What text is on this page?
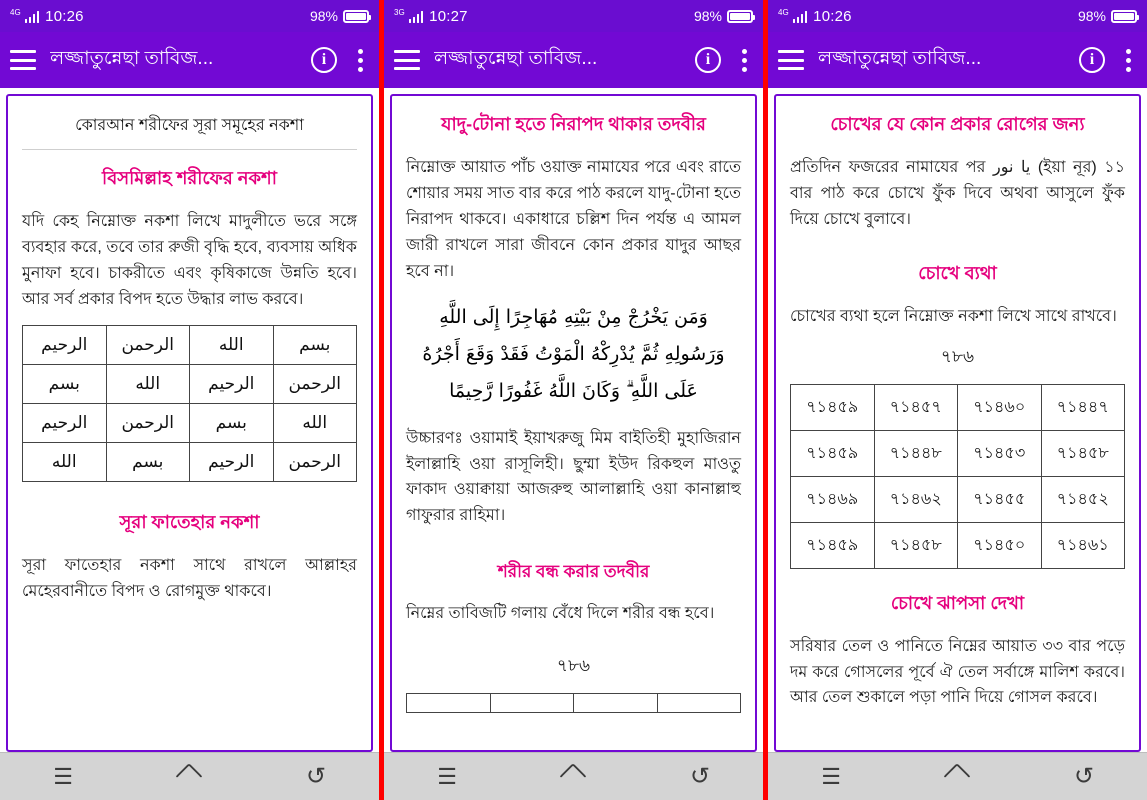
4G 10:26	98%
লজ্জাতুন্নেছা তাবিজ...	i
কোরআন শরীফের সূরা সমূহের নকশা
বিসমিল্লাহ শরীফের নকশা

যদি কেহ নিম্নোক্ত নকশা লিখে মাদুলীতে ভরে সঙ্গে ব্যবহার করে, তবে তার রুজী বৃদ্ধি হবে, ব্যবসায় অধিক মুনাফা হবে। চাকরীতে এবং কৃষিকাজে উন্নতি হবে। আর সর্ব প্রকার বিপদ হতে উদ্ধার লাভ করবে।

الرحيم	الرحمن	الله	بسم
بسم	الله	الرحيم	الرحمن
الرحيم	الرحمن	بسم	الله
الله	بسم	الرحيم	الرحمن
সূরা ফাতেহার নকশা

সূরা ফাতেহার নকশা সাথে রাখলে আল্লাহর মেহেরবানীতে বিপদ ও রোগমুক্ত থাকবে।

☰	↻
3G 10:27	98%
লজ্জাতুন্নেছা তাবিজ...	i
যাদু-টোনা হতে নিরাপদ থাকার তদবীর

নিম্নোক্ত আয়াত পাঁচ ওয়াক্ত নামাযের পরে এবং রাতে শোয়ার সময় সাত বার করে পাঠ করলে যাদু-টোনা হতে নিরাপদ থাকবে। একাধারে চল্লিশ দিন পর্যন্ত এ আমল জারী রাখলে সারা জীবনে কোন প্রকার যাদুর আছর হবে না।

وَمَن يَخْرُجْ مِنْ بَيْتِهِ مُهَاجِرًا إِلَى اللَّهِ وَرَسُولِهِ ثُمَّ يُدْرِكْهُ الْمَوْتُ فَقَدْ وَقَعَ أَجْرُهُ عَلَى اللَّهِ ۗ وَكَانَ اللَّهُ غَفُورًا رَّحِيمًا

উচ্চারণঃ ওয়ামাই ইয়াখরুজু মিম বাইতিহী মুহাজিরান ইলাল্লাহি ওয়া রাসূলিহী। ছুম্মা ইউদ রিকহুল মাওতু ফাকাদ ওয়াক্বায়া আজরুহু আলাল্লাহি ওয়া কানাল্লাহু গাফুরার রাহিমা।

শরীর বন্ধ করার তদবীর

নিম্নের তাবিজটি গলায় বেঁধে দিলে শরীর বন্ধ হবে।

৭৮৬

☰	↻
4G 10:26	98%
লজ্জাতুন্নেছা তাবিজ...	i
চোখের যে কোন প্রকার রোগের জন্য

প্রতিদিন ফজরের নামাযের পর يا نور (ইয়া নূর) ১১ বার পাঠ করে চোখে ফুঁক দিবে অথবা আসুলে ফুঁক দিয়ে চোখে বুলাবে।

চোখে ব্যথা

চোখের ব্যথা হলে নিম্নোক্ত নকশা লিখে সাথে রাখবে।

৭৮৬
৭১৪৫৯	৭১৪৫৭	৭১৪৬০	৭১৪৪৭
৭১৪৫৯	৭১৪৪৮	৭১৪৫৩	৭১৪৫৮
৭১৪৬৯	৭১৪৬২	৭১৪৫৫	৭১৪৫২
৭১৪৫৯	৭১৪৫৮	৭১৪৫০	৭১৪৬১
চোখে ঝাপসা দেখা

সরিষার তেল ও পানিতে নিম্নের আয়াত ৩৩ বার পড়ে দম করে গোসলের পূর্বে ঐ তেল সর্বাঙ্গে মালিশ করবে। আর তেল শুকালে পড়া পানি দিয়ে গোসল করবে।

☰	↻
